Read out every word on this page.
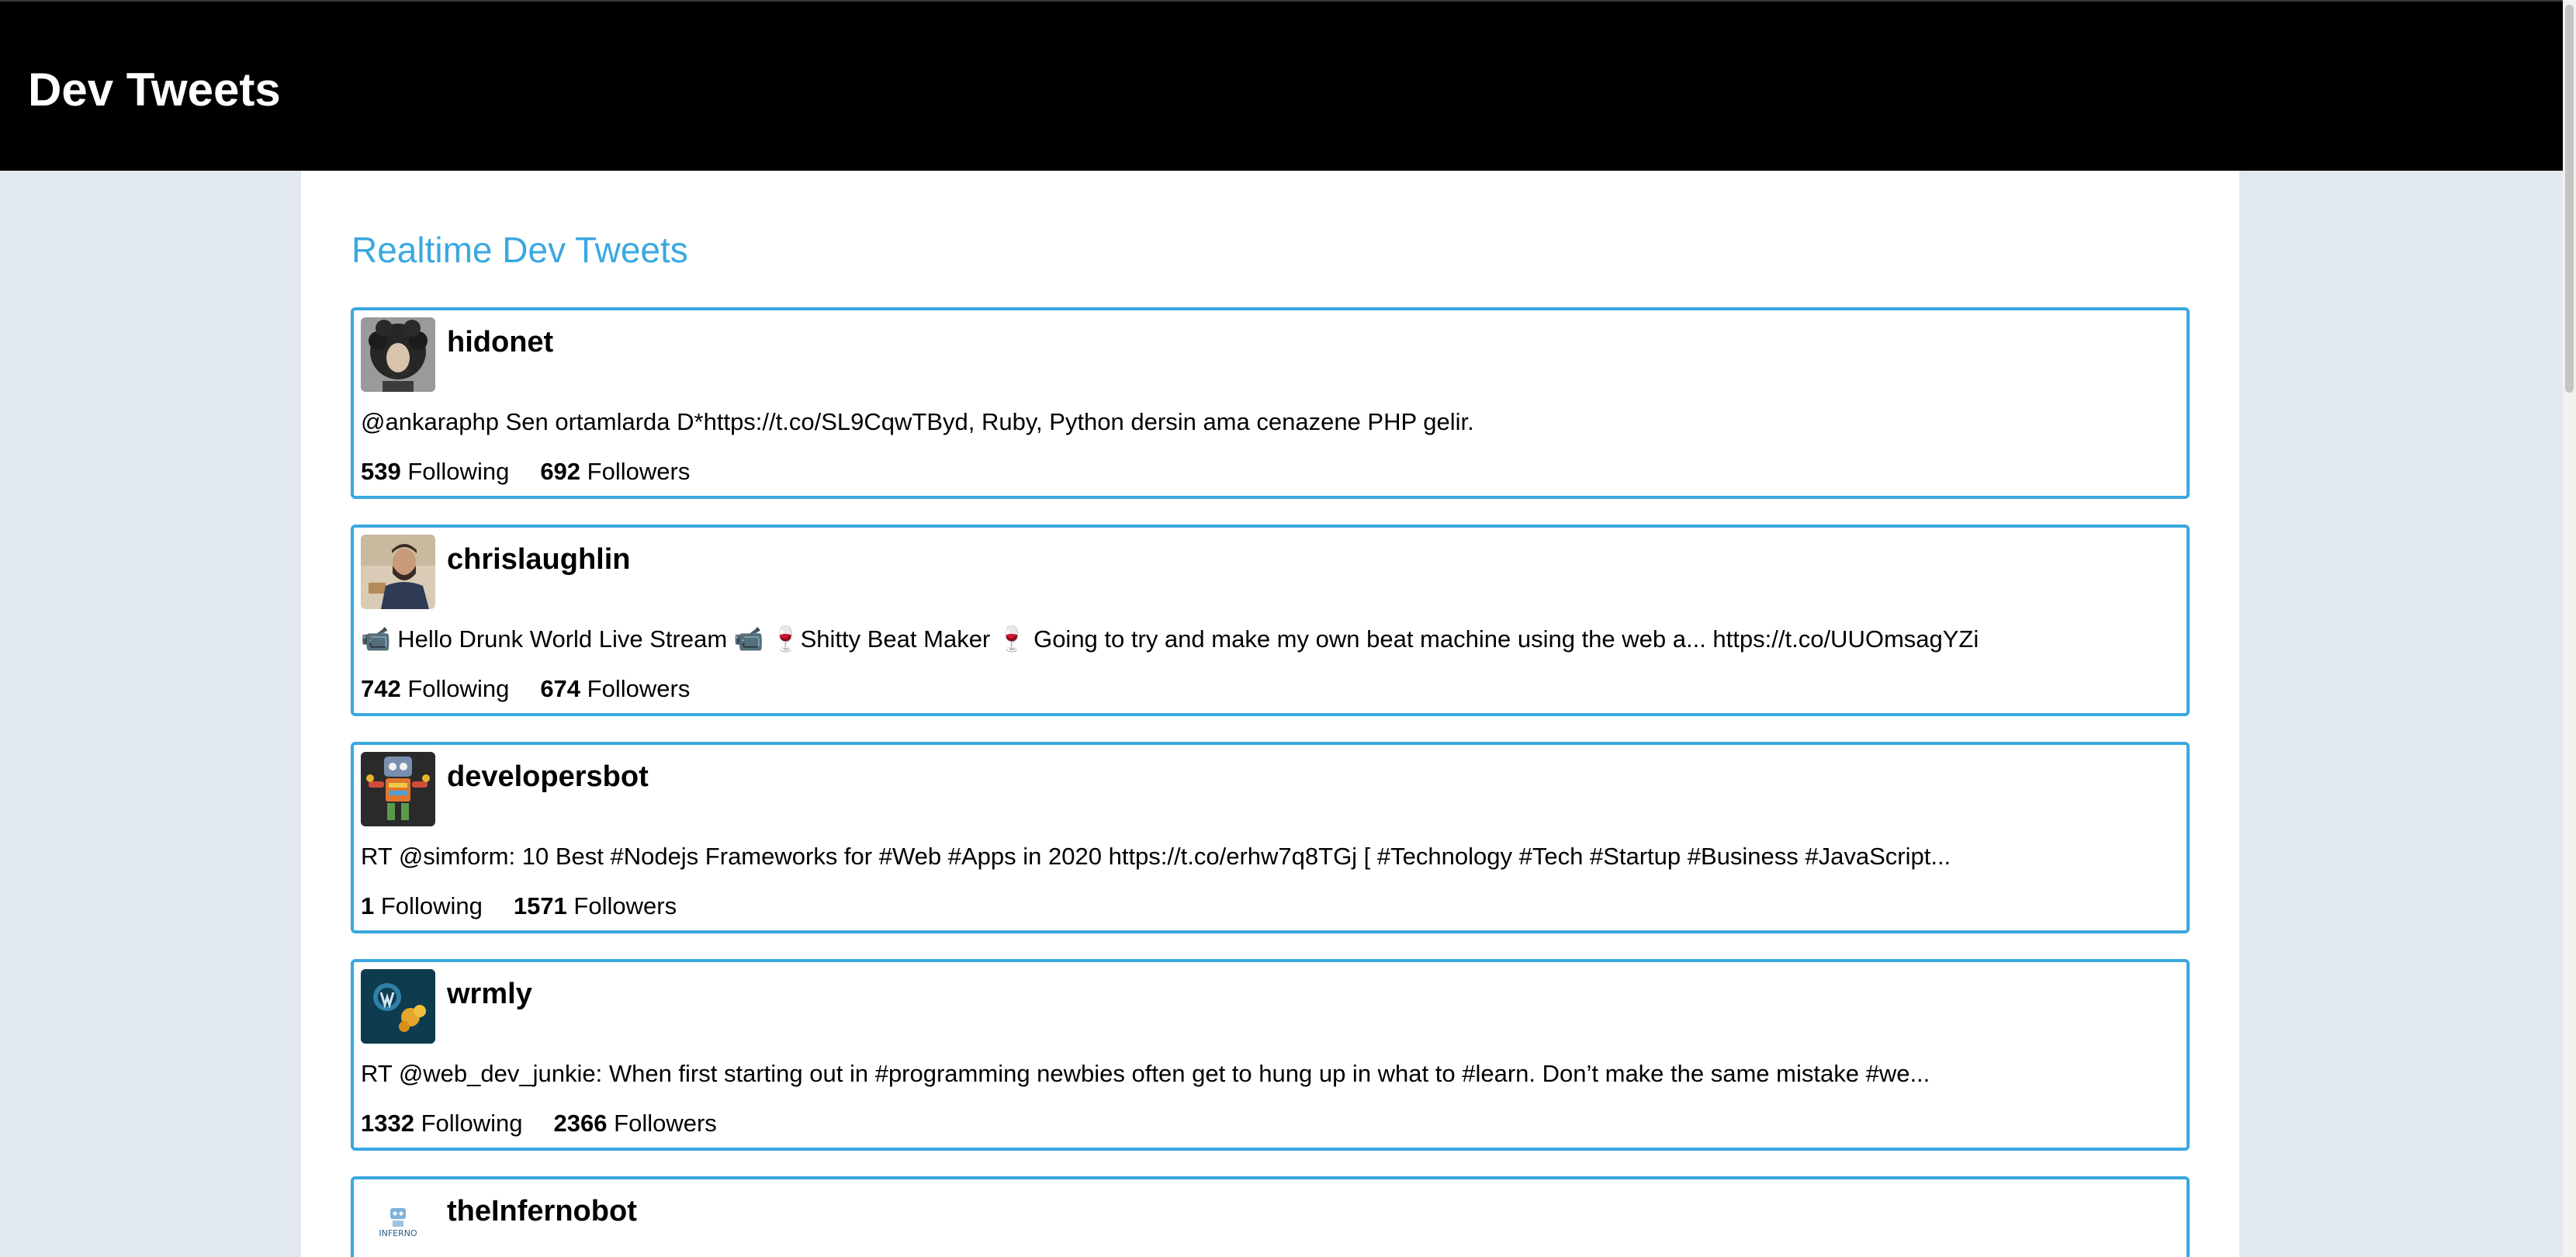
Dev Tweets
Realtime Dev Tweets
hidonet

@ankaraphp Sen ortamlarda D*https://t.co/SL9CqwTByd, Ruby, Python dersin ama cenazene PHP gelir.

539 Following 692 Followers

chrislaughlin

📹 Hello Drunk World Live Stream 📹 🍷Shitty Beat Maker 🍷 Going to try and make my own beat machine using the web a... https://t.co/UUOmsagYZi

742 Following 674 Followers

developersbot

RT @simform: 10 Best #Nodejs Frameworks for #Web #Apps in 2020 https://t.co/erhw7q8TGj [ #Technology #Tech #Startup #Business #JavaScript...

1 Following 1571 Followers

wrmly

RT @web_dev_junkie: When first starting out in #programming newbies often get to hung up in what to #learn. Don’t make the same mistake #we...

1332 Following 2366 Followers

INFERNO
theInfernobot
